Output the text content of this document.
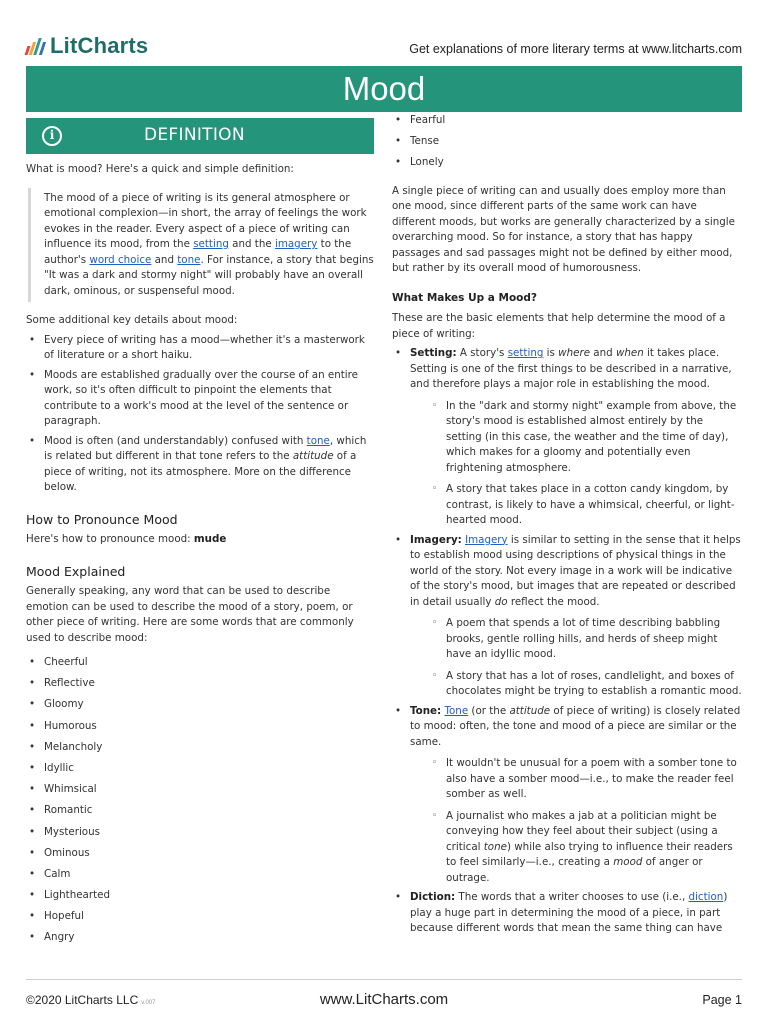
LitCharts	Get explanations of more literary terms at www.litcharts.com
Mood
i	DEFINITION

What is mood? Here's a quick and simple definition:

The mood of a piece of writing is its general atmosphere or emotional complexion—in short, the array of feelings the work evokes in the reader. Every aspect of a piece of writing can influence its mood, from the setting and the imagery to the author's word choice and tone. For instance, a story that begins "It was a dark and stormy night" will probably have an overall dark, ominous, or suspenseful mood.

Some additional key details about mood:

• Every piece of writing has a mood—whether it's a masterwork of literature or a short haiku.
• Moods are established gradually over the course of an entire work, so it's often difficult to pinpoint the elements that contribute to a work's mood at the level of the sentence or paragraph.
• Mood is often (and understandably) confused with tone, which is related but different in that tone refers to the attitude of a piece of writing, not its atmosphere. More on the difference below.
How to Pronounce Mood

Here's how to pronounce mood: mude

Mood Explained

Generally speaking, any word that can be used to describe emotion can be used to describe the mood of a story, poem, or other piece of writing. Here are some words that are commonly used to describe mood:

• Cheerful
• Reflective
• Gloomy
• Humorous
• Melancholy
• Idyllic
• Whimsical
• Romantic
• Mysterious
• Ominous
• Calm
• Lighthearted
• Hopeful
• Angry
• Fearful
• Tense
• Lonely

A single piece of writing can and usually does employ more than one mood, since different parts of the same work can have different moods, but works are generally characterized by a single overarching mood. So for instance, a story that has happy passages and sad passages might not be defined by either mood, but rather by its overall mood of humorousness.

What Makes Up a Mood?

These are the basic elements that help determine the mood of a piece of writing:

• Setting: A story's setting is where and when it takes place. Setting is one of the first things to be described in a narrative, and therefore plays a major role in establishing the mood.
◦ In the "dark and stormy night" example from above, the story's mood is established almost entirely by the setting (in this case, the weather and the time of day), which makes for a gloomy and potentially even frightening atmosphere.
◦ A story that takes place in a cotton candy kingdom, by contrast, is likely to have a whimsical, cheerful, or light-hearted mood.
• Imagery: Imagery is similar to setting in the sense that it helps to establish mood using descriptions of physical things in the world of the story. Not every image in a work will be indicative of the story's mood, but images that are repeated or described in detail usually do reflect the mood.
◦ A poem that spends a lot of time describing babbling brooks, gentle rolling hills, and herds of sheep might have an idyllic mood.
◦ A story that has a lot of roses, candlelight, and boxes of chocolates might be trying to establish a romantic mood.
• Tone: Tone (or the attitude of piece of writing) is closely related to mood: often, the tone and mood of a piece are similar or the same.
◦ It wouldn't be unusual for a poem with a somber tone to also have a somber mood—i.e., to make the reader feel somber as well.
◦ A journalist who makes a jab at a politician might be conveying how they feel about their subject (using a critical tone) while also trying to influence their readers to feel similarly—i.e., creating a mood of anger or outrage.
• Diction: The words that a writer chooses to use (i.e., diction) play a huge part in determining the mood of a piece, in part because different words that mean the same thing can have
©2020 LitCharts LLC v.007	www.LitCharts.com	Page 1
